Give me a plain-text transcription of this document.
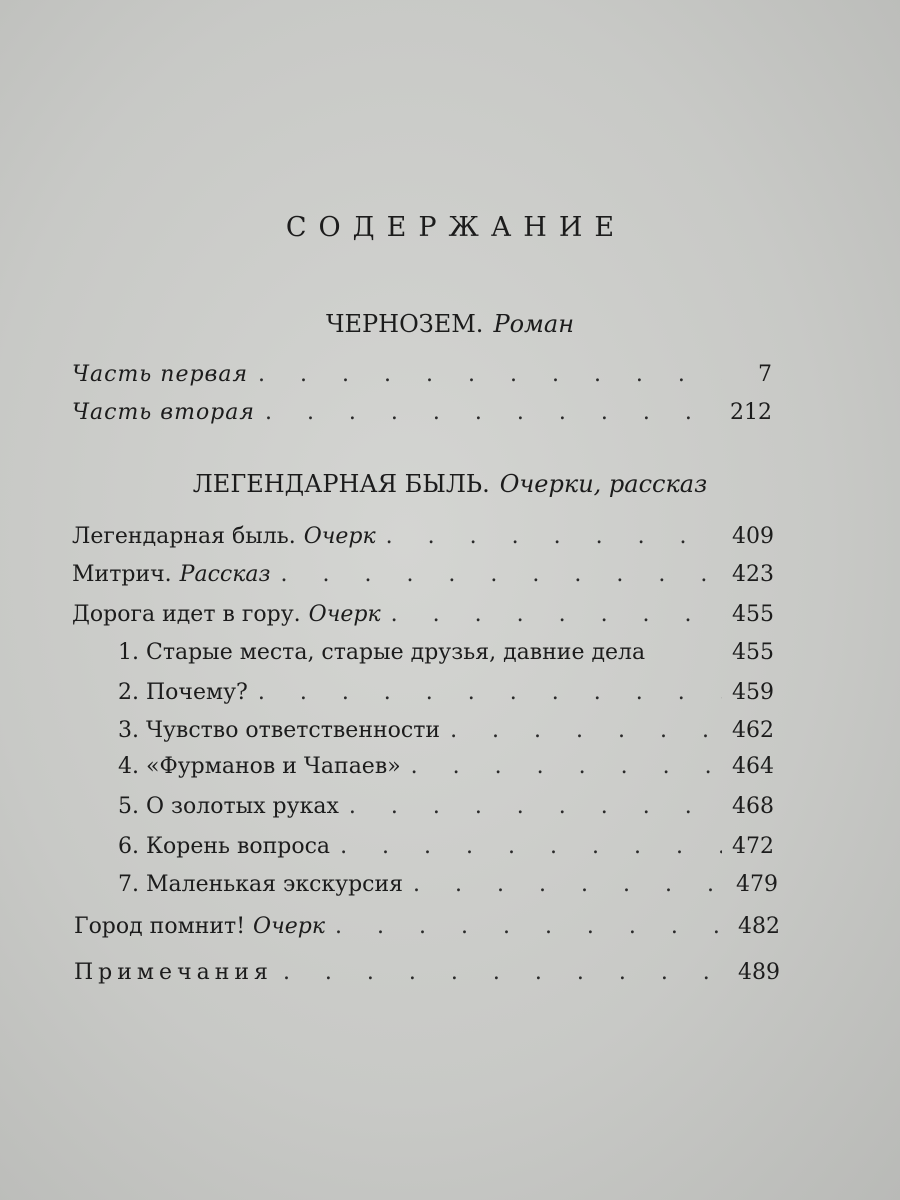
СОДЕРЖАНИЕ
ЧЕРНОЗЕМ. Роман
Часть первая . . .	7
Часть вторая . . .	212
ЛЕГЕНДАРНАЯ БЫЛЬ. Очерки, рассказ
Легендарная быль. Очерк . . .	409
Митрич. Рассказ . . .	423
Дорога идет в гору. Очерк . . .	455
1. Старые места, старые друзья, давние дела	455
2. Почему? . . .	459
3. Чувство ответственности . . .	462
4. «Фурманов и Чапаев» . . .	464
5. О золотых руках . . .	468
6. Корень вопроса . . .	472
7. Маленькая экскурсия . . .	479
Город помнит! Очерк . . .	482
Примечания . . .	489
